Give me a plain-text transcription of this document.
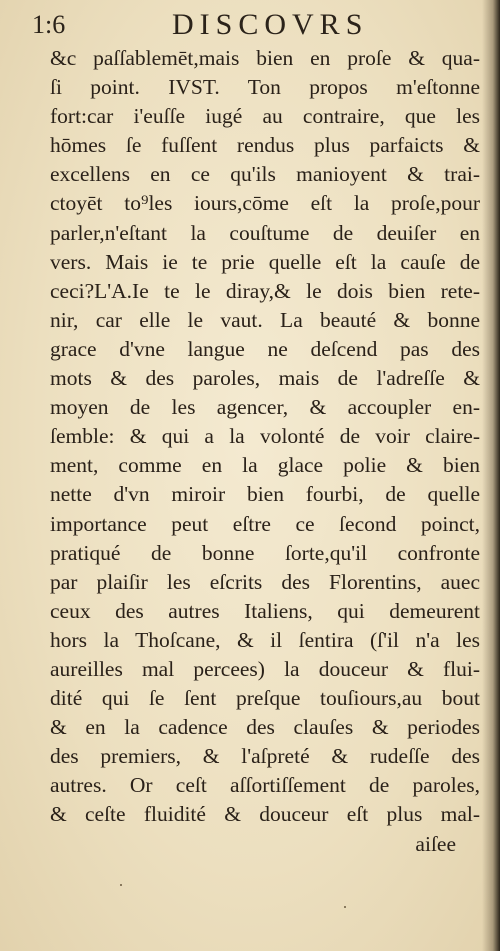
1:6	DISCOVRS
&c paſſablemēt,mais bien en proſe & qua-
ſi point. IVST. Ton propos m'eſtonne
fort:car i'euſſe iugé au contraire, que les
hōmes ſe fuſſent rendus plus parfaicts &
excellens en ce qu'ils manioyent & trai-
ctoyēt to⁹les iours,cōme eſt la proſe,pour
parler,n'eſtant la couſtume de deuiſer en
vers. Mais ie te prie quelle eſt la cauſe de
ceci?L'A.Ie te le diray,& le dois bien rete-
nir, car elle le vaut. La beauté & bonne
grace d'vne langue ne deſcend pas des
mots & des paroles, mais de l'adreſſe &
moyen de les agencer, & accoupler en-
ſemble: & qui a la volonté de voir claire-
ment, comme en la glace polie & bien
nette d'vn miroir bien fourbi, de quelle
importance peut eſtre ce ſecond poinct,
pratiqué de bonne ſorte,qu'il confronte
par plaiſir les eſcrits des Florentins, auec
ceux des autres Italiens, qui demeurent
hors la Thoſcane, & il ſentira (ſ'il n'a les
aureilles mal percees) la douceur & flui-
dité qui ſe ſent preſque touſiours,au bout
& en la cadence des clauſes & periodes
des premiers, & l'aſpreté & rudeſſe des
autres. Or ceſt aſſortiſſement de paroles,
& ceſte fluidité & douceur eſt plus mal-
aiſee
